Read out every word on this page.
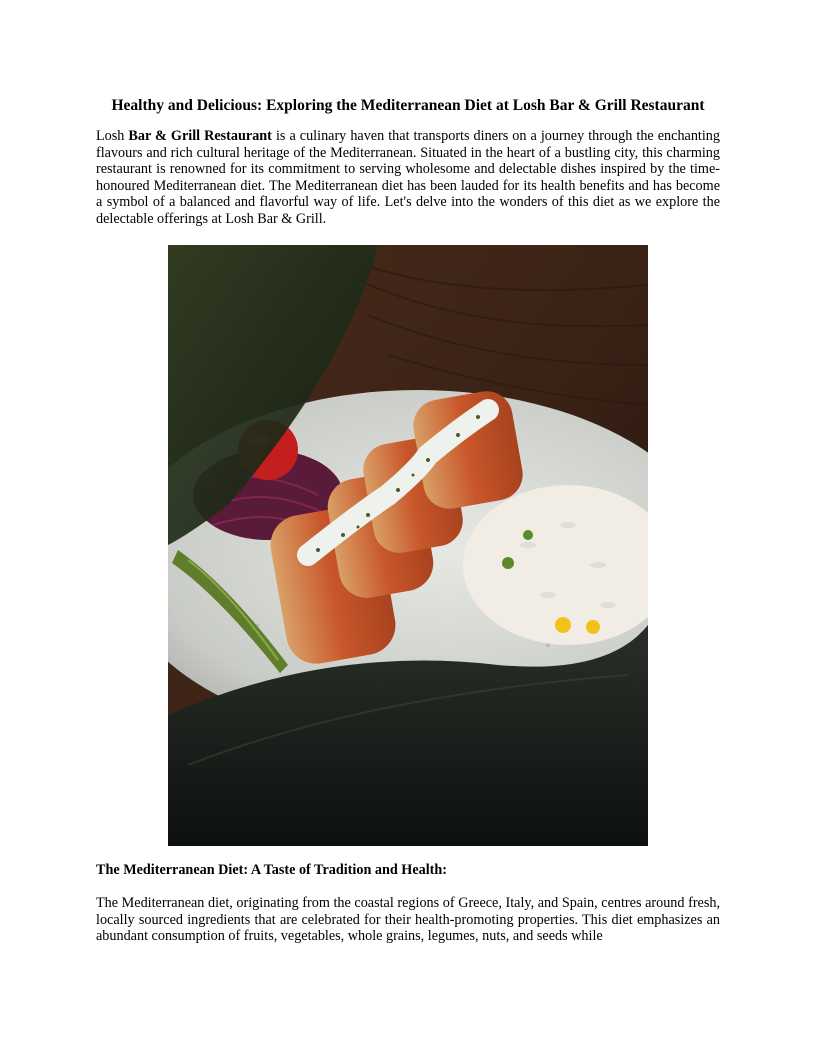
Healthy and Delicious: Exploring the Mediterranean Diet at Losh Bar & Grill Restaurant

Losh Bar & Grill Restaurant is a culinary haven that transports diners on a journey through the enchanting flavours and rich cultural heritage of the Mediterranean. Situated in the heart of a bustling city, this charming restaurant is renowned for its commitment to serving wholesome and delectable dishes inspired by the time-honoured Mediterranean diet. The Mediterranean diet has been lauded for its health benefits and has become a symbol of a balanced and flavorful way of life. Let's delve into the wonders of this diet as we explore the delectable offerings at Losh Bar & Grill.

The Mediterranean Diet: A Taste of Tradition and Health:

The Mediterranean diet, originating from the coastal regions of Greece, Italy, and Spain, centres around fresh, locally sourced ingredients that are celebrated for their health-promoting properties. This diet emphasizes an abundant consumption of fruits, vegetables, whole grains, legumes, nuts, and seeds while
